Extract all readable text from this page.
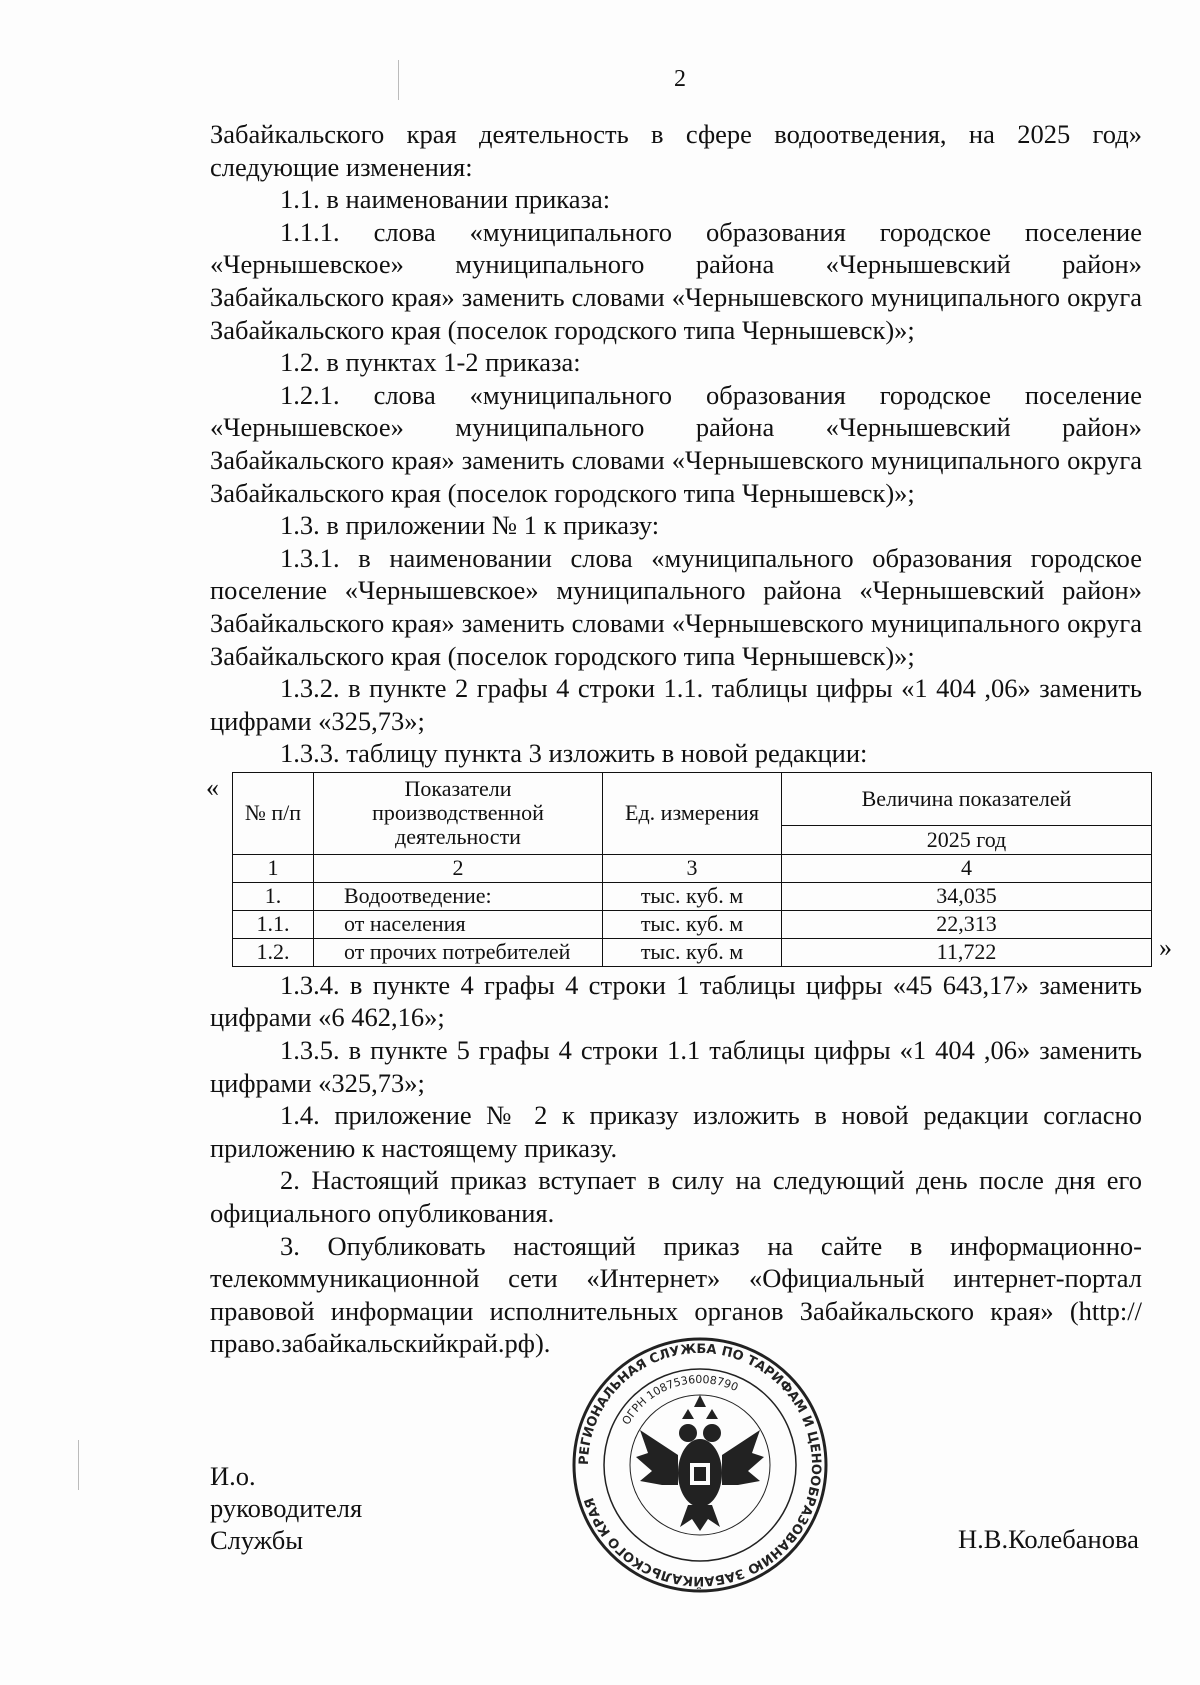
2

Забайкальского края деятельность в сфере водоотведения, на 2025 год» следующие изменения:

1.1. в наименовании приказа:

1.1.1. слова «муниципального образования городское поселение «Чернышевское» муниципального района «Чернышевский район» Забайкальского края» заменить словами «Чернышевского муниципального округа Забайкальского края (поселок городского типа Чернышевск)»;

1.2. в пунктах 1-2 приказа:

1.2.1. слова «муниципального образования городское поселение «Чернышевское» муниципального района «Чернышевский район» Забайкальского края» заменить словами «Чернышевского муниципального округа Забайкальского края (поселок городского типа Чернышевск)»;

1.3. в приложении № 1 к приказу:

1.3.1. в наименовании слова «муниципального образования городское поселение «Чернышевское» муниципального района «Чернышевский район» Забайкальского края» заменить словами «Чернышевского муниципального округа Забайкальского края (поселок городского типа Чернышевск)»;

1.3.2. в пункте 2 графы 4 строки 1.1. таблицы цифры «1 404 ,06» заменить цифрами «325,73»;

1.3.3. таблицу пункта 3 изложить в новой редакции:

«
№ п/п	Показатели производственной деятельности	Ед. измерения	Величина показателей
			2025 год
1	2	3	4
1.	Водоотведение:	тыс. куб. м	34,035
1.1.	от населения	тыс. куб. м	22,313
1.2.	от прочих потребителей	тыс. куб. м	11,722	»

1.3.4. в пункте 4 графы 4 строки 1 таблицы цифры «45 643,17» заменить цифрами «6 462,16»;

1.3.5. в пункте 5 графы 4 строки 1.1 таблицы цифры «1 404 ,06» заменить цифрами «325,73»;

1.4. приложение № 2 к приказу изложить в новой редакции согласно приложению к настоящему приказу.

2. Настоящий приказ вступает в силу на следующий день после дня его официального опубликования.

3. Опубликовать настоящий приказ на сайте в информационно-телекоммуникационной сети «Интернет» «Официальный интернет-портал правовой информации исполнительных органов Забайкальского края» (http://право.забайкальскийкрай.рф).

РЕГИОНАЛЬНАЯ СЛУЖБА ПО ТАРИФАМ И ЦЕНООБРАЗОВАНИЮ ЗАБАЙКАЛЬСКОГО КРАЯ
ОГРН 1087536008790
И.о.
руководителя
Службы	Н.В.Колебанова
